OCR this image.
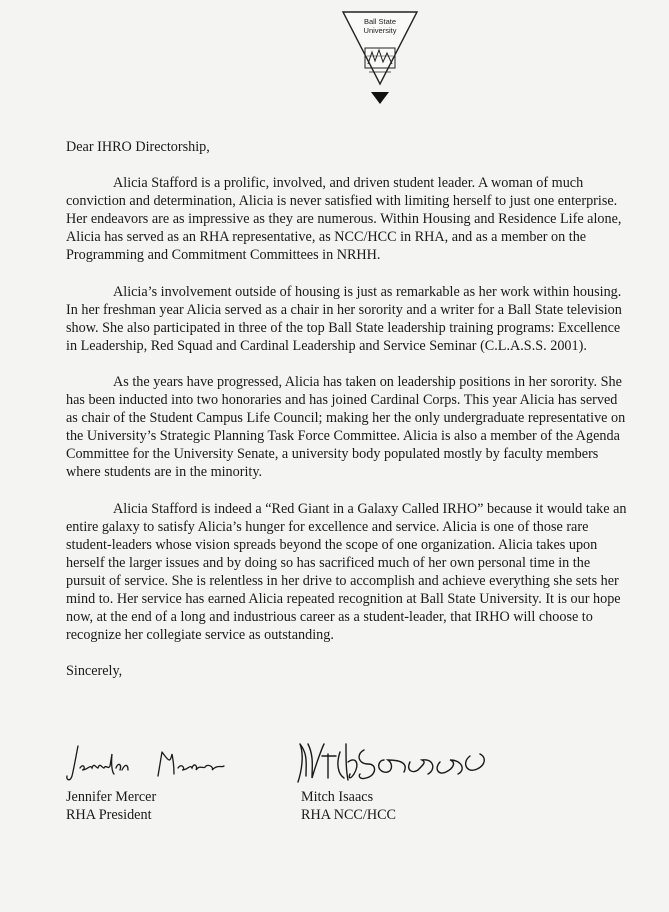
Ball State
University

Dear IHRO Directorship,

Alicia Stafford is a prolific, involved, and driven student leader. A woman of much conviction and determination, Alicia is never satisfied with limiting herself to just one enterprise. Her endeavors are as impressive as they are numerous. Within Housing and Residence Life alone, Alicia has served as an RHA representative, as NCC/HCC in RHA, and as a member on the Programming and Commitment Committees in NRHH.

Alicia’s involvement outside of housing is just as remarkable as her work within housing. In her freshman year Alicia served as a chair in her sorority and a writer for a Ball State television show. She also participated in three of the top Ball State leadership training programs: Excellence in Leadership, Red Squad and Cardinal Leadership and Service Seminar (C.L.A.S.S. 2001).

As the years have progressed, Alicia has taken on leadership positions in her sorority. She has been inducted into two honoraries and has joined Cardinal Corps. This year Alicia has served as chair of the Student Campus Life Council; making her the only undergraduate representative on the University’s Strategic Planning Task Force Committee. Alicia is also a member of the Agenda Committee for the University Senate, a university body populated mostly by faculty members where students are in the minority.

Alicia Stafford is indeed a “Red Giant in a Galaxy Called IRHO” because it would take an entire galaxy to satisfy Alicia’s hunger for excellence and service. Alicia is one of those rare student-leaders whose vision spreads beyond the scope of one organization. Alicia takes upon herself the larger issues and by doing so has sacrificed much of her own personal time in the pursuit of service. She is relentless in her drive to accomplish and achieve everything she sets her mind to. Her service has earned Alicia repeated recognition at Ball State University. It is our hope now, at the end of a long and industrious career as a student-leader, that IRHO will choose to recognize her collegiate service as outstanding.

Sincerely,

Jennifer Mercer
RHA President
Mitch Isaacs
RHA NCC/HCC
